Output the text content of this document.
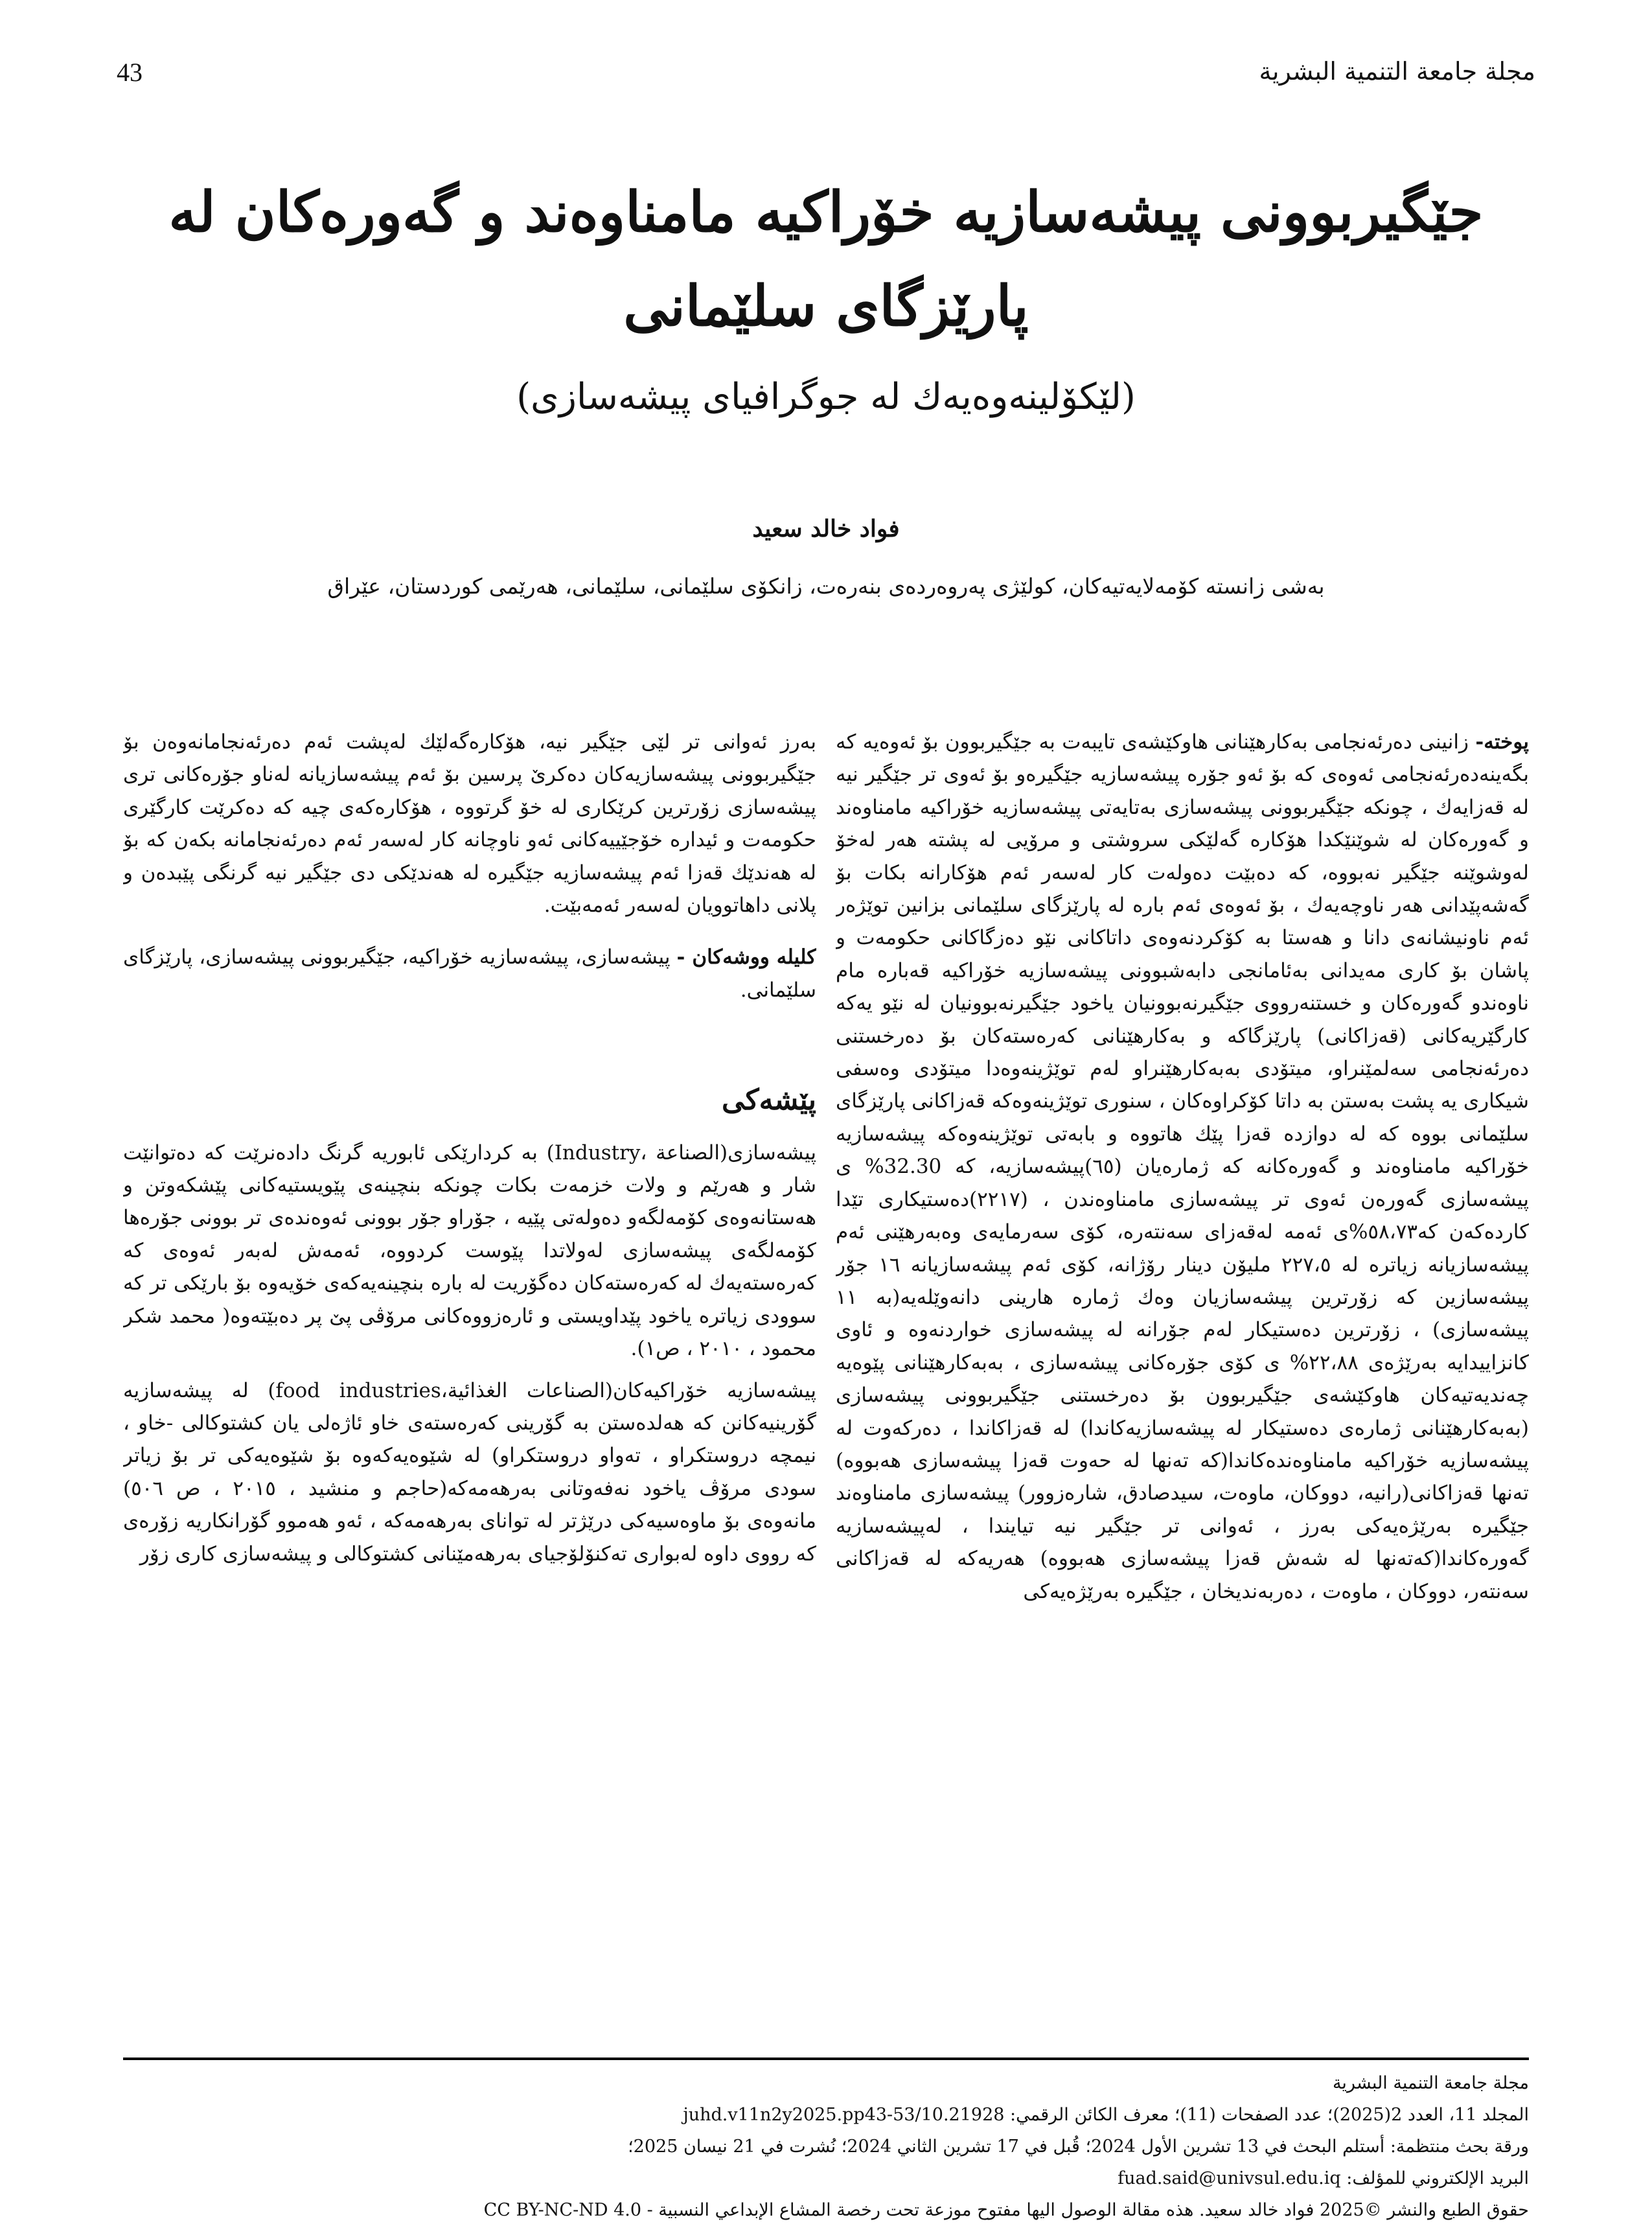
43	مجلة جامعة التنمية البشرية
جێگیربوونی پیشەسازیە خۆراکیە مامناوەند و گەورەکان لە
پارێزگای سلێمانی
(لێکۆلینەوەیەك لە جوگرافیای پیشەسازی)
فواد خالد سعيد
بەشی زانستە کۆمەلایەتیەکان، کولێژی پەروەردەی بنەرەت، زانکۆی سلێمانی، سلێمانی، هەرێمی کوردستان، عێراق

پوختە- زانینی دەرئەنجامی بەکارهێنانی هاوکێشەی تایبەت بە جێگیربوون بۆ ئەوەیە کە بگەینەدەرئەنجامی ئەوەی کە بۆ ئەو جۆرە پیشەسازیە جێگیرەو بۆ ئەوی تر جێگیر نیە لە قەزایەك ، چونکە جێگیربوونی پیشەسازی بەتایەتی پیشەسازیە خۆراکیە مامناوەند و گەورەکان لە شوێنێکدا هۆکارە گەلێکی سروشتی و مرۆیی لە پشتە هەر لەخۆ لەوشوێنە جێگیر نەبووە، کە دەبێت دەولەت کار لەسەر ئەم هۆکارانە بکات بۆ گەشەپێدانی هەر ناوچەیەك ، بۆ ئەوەی ئەم بارە لە پارێزگای سلێمانی بزانین توێژەر ئەم ناونیشانەی دانا و هەستا بە کۆکردنەوەی داتاکانی نێو دەزگاکانی حکومەت و پاشان بۆ کاری مەیدانی بەئامانجی دابەشبوونی پیشەسازیە خۆراکیە قەبارە مام ناوەندو گەورەکان و خستنەرووی جێگیرنەبوونیان یاخود جێگیرنەبوونیان لە نێو یەکە کارگێریەکانی (قەزاکانی) پارێزگاکە و بەکارهێنانی کەرەستەکان بۆ دەرخستنی دەرئەنجامی سەلمێنراو، میتۆدی بەبەکارهێنراو لەم توێژینەوەدا میتۆدی وەسفی شیکاری یە پشت بەستن بە داتا کۆکراوەکان ، سنوری توێژینەوەکە قەزاکانی پارێزگای سلێمانی بووە کە لە دوازدە قەزا پێك هاتووە و بابەتی توێژینەوەکە پیشەسازیە خۆراکیە مامناوەند و گەورەکانە کە ژمارەیان (٦٥)پیشەسازیە، کە 32.30% ی پیشەسازی گەورەن ئەوی تر پیشەسازی مامناوەندن ، (٢٢١٧)دەستیکاری تێدا کاردەکەن کە٥٨،٧٣%ی ئەمە لەقەزای سەنتەرە، کۆی سەرمایەی وەبەرهێنی ئەم پیشەسازیانە زیاترە لە ٢٢٧،٥ ملیۆن دینار رۆژانە، کۆی ئەم پیشەسازیانە ١٦ جۆر پیشەسازین کە زۆرترین پیشەسازیان وەك ژمارە هارینی دانەوێلەیە(بە ١١ پیشەسازی) ، زۆرترین دەستیکار لەم جۆرانە لە پیشەسازی خواردنەوە و ئاوی کانزاییدایە بەرێژەی ٢٢،٨٨% ی کۆی جۆرەکانی پیشەسازی ، بەبەکارهێنانی پێوەیە چەندیەتیەکان هاوکێشەی جێگیربوون بۆ دەرخستنی جێگیربوونی پیشەسازی (بەبەکارهێنانی ژمارەی دەستیکار لە پیشەسازیەکاندا) لە قەزاکاندا ، دەرکەوت لە پیشەسازیە خۆراکیە مامناوەندەکاندا(کە تەنها لە حەوت قەزا پیشەسازی هەبووە) تەنها قەزاکانی(رانیە، دووکان، ماوەت، سیدصادق، شارەزوور) پیشەسازی مامناوەند جێگیرە بەرێژەیەکی بەرز ، ئەوانی تر جێگیر نیە تیایندا ، لەپیشەسازیە گەورەکاندا(کەتەنها لە شەش قەزا پیشەسازی هەبووە) هەریەکە لە قەزاکانی سەنتەر، دووکان ، ماوەت ، دەربەندیخان ، جێگیرە بەرێژەیەکی

بەرز ئەوانی تر لێی جێگیر نیە، هۆکارەگەلێك لەپشت ئەم دەرئەنجامانەوەن بۆ جێگیربوونی پیشەسازیەکان دەکرێ پرسین بۆ ئەم پیشەسازیانە لەناو جۆرەکانی تری پیشەسازی زۆرترین کرێکاری لە خۆ گرتووە ، هۆکارەکەی چیە کە دەکرێت کارگێری حکومەت و ئیدارە خۆجێییەکانی ئەو ناوچانە کار لەسەر ئەم دەرئەنجامانە بکەن کە بۆ لە هەندێك قەزا ئەم پیشەسازیە جێگیرە لە هەندێکی دی جێگیر نیە گرنگی پێبدەن و پلانی داهاتوویان لەسەر ئەمەبێت.

کلیلە ووشەکان - پیشەسازی، پیشەسازیە خۆراکیە، جێگیربوونی پیشەسازی، پارێزگای سلێمانی.

پێشەکی

پیشەسازی(الصناعة ،Industry) بە کردارێکی ئابوریە گرنگ دادەنرێت کە دەتوانێت شار و هەرێم و ولات خزمەت بکات چونکە بنچینەی پێویستیەکانی پێشکەوتن و هەستانەوەی کۆمەلگەو دەولەتی پێیە ، جۆراو جۆر بوونی ئەوەندەی تر بوونی جۆرەها کۆمەلگەی پیشەسازی لەولاتدا پێوست کردووە، ئەمەش لەبەر ئەوەی کە کەرەستەیەك لە کەرەستەکان دەگۆریت لە بارە بنچینەیەکەی خۆیەوە بۆ بارێکی تر کە سوودی زیاترە یاخود پێداویستی و ئارەزووەکانی مرۆڤی پێ پر دەبێتەوە( محمد شکر محمود ، ٢٠١٠ ، ص١).

پیشەسازیە خۆراکیەکان(الصناعات الغذائیة،food industries) لە پیشەسازیە گۆرینیەکانن کە هەلدەستن بە گۆرینی کەرەستەی خاو ئاژەلی یان کشتوکالی -خاو ، نیمچە دروستکراو ، تەواو دروستکراو) لە شێوەیەکەوە بۆ شێوەیەکی تر بۆ زیاتر سودی مرۆڤ یاخود نەفەوتانی بەرهەمەکە(حاجم و منشید ، ٢٠١٥ ، ص ٥٠٦) مانەوەی بۆ ماوەسیەکی درێژتر لە توانای بەرهەمەکە ، ئەو هەموو گۆرانکاریە زۆرەی کە رووی داوە لەبواری تەکنۆلۆجیای بەرهەمێنانی کشتوکالی و پیشەسازی کاری زۆر

مجلة جامعة التنمية البشرية
المجلد 11، العدد 2(2025)؛ عدد الصفحات (11)؛ معرف الكائن الرقمي: 10.21928/juhd.v11n2y2025.pp43-53
ورقة بحث منتظمة: أستلم البحث في 13 تشرين الأول 2024؛ قُبل في 17 تشرين الثاني 2024؛ نُشرت في 21 نيسان 2025؛
البريد الإلكتروني للمؤلف: fuad.said@univsul.edu.iq
حقوق الطبع والنشر ©2025 فواد خالد سعيد. هذه مقالة الوصول اليها مفتوح موزعة تحت رخصة المشاع الإبداعي النسبية - CC BY-NC-ND 4.0
